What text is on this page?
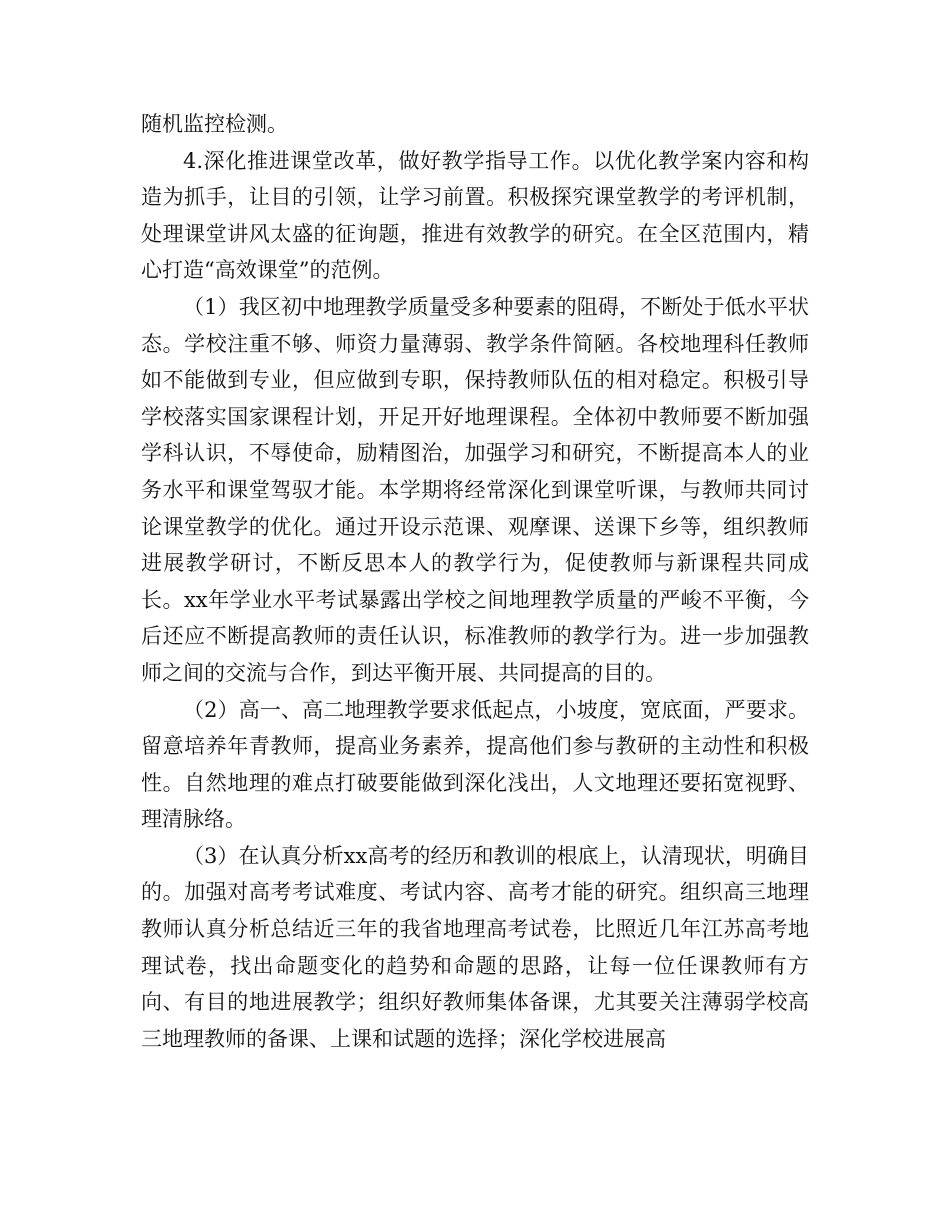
随机监控检测。

4.深化推进课堂改革，做好教学指导工作。以优化教学案内容和构造为抓手，让目的引领，让学习前置。积极探究课堂教学的考评机制，处理课堂讲风太盛的征询题，推进有效教学的研究。在全区范围内，精心打造“高效课堂”的范例。

（1）我区初中地理教学质量受多种要素的阻碍，不断处于低水平状态。学校注重不够、师资力量薄弱、教学条件简陋。各校地理科任教师如不能做到专业，但应做到专职，保持教师队伍的相对稳定。积极引导学校落实国家课程计划，开足开好地理课程。全体初中教师要不断加强学科认识，不辱使命，励精图治，加强学习和研究，不断提高本人的业务水平和课堂驾驭才能。本学期将经常深化到课堂听课，与教师共同讨论课堂教学的优化。通过开设示范课、观摩课、送课下乡等，组织教师进展教学研讨，不断反思本人的教学行为，促使教师与新课程共同成长。xx年学业水平考试暴露出学校之间地理教学质量的严峻不平衡，今后还应不断提高教师的责任认识，标准教师的教学行为。进一步加强教师之间的交流与合作，到达平衡开展、共同提高的目的。

（2）高一、高二地理教学要求低起点，小坡度，宽底面，严要求。留意培养年青教师，提高业务素养，提高他们参与教研的主动性和积极性。自然地理的难点打破要能做到深化浅出，人文地理还要拓宽视野、理清脉络。

（3）在认真分析xx高考的经历和教训的根底上，认清现状，明确目的。加强对高考考试难度、考试内容、高考才能的研究。组织高三地理教师认真分析总结近三年的我省地理高考试卷，比照近几年江苏高考地理试卷，找出命题变化的趋势和命题的思路，让每一位任课教师有方向、有目的地进展教学；组织好教师集体备课，尤其要关注薄弱学校高三地理教师的备课、上课和试题的选择；深化学校进展高
